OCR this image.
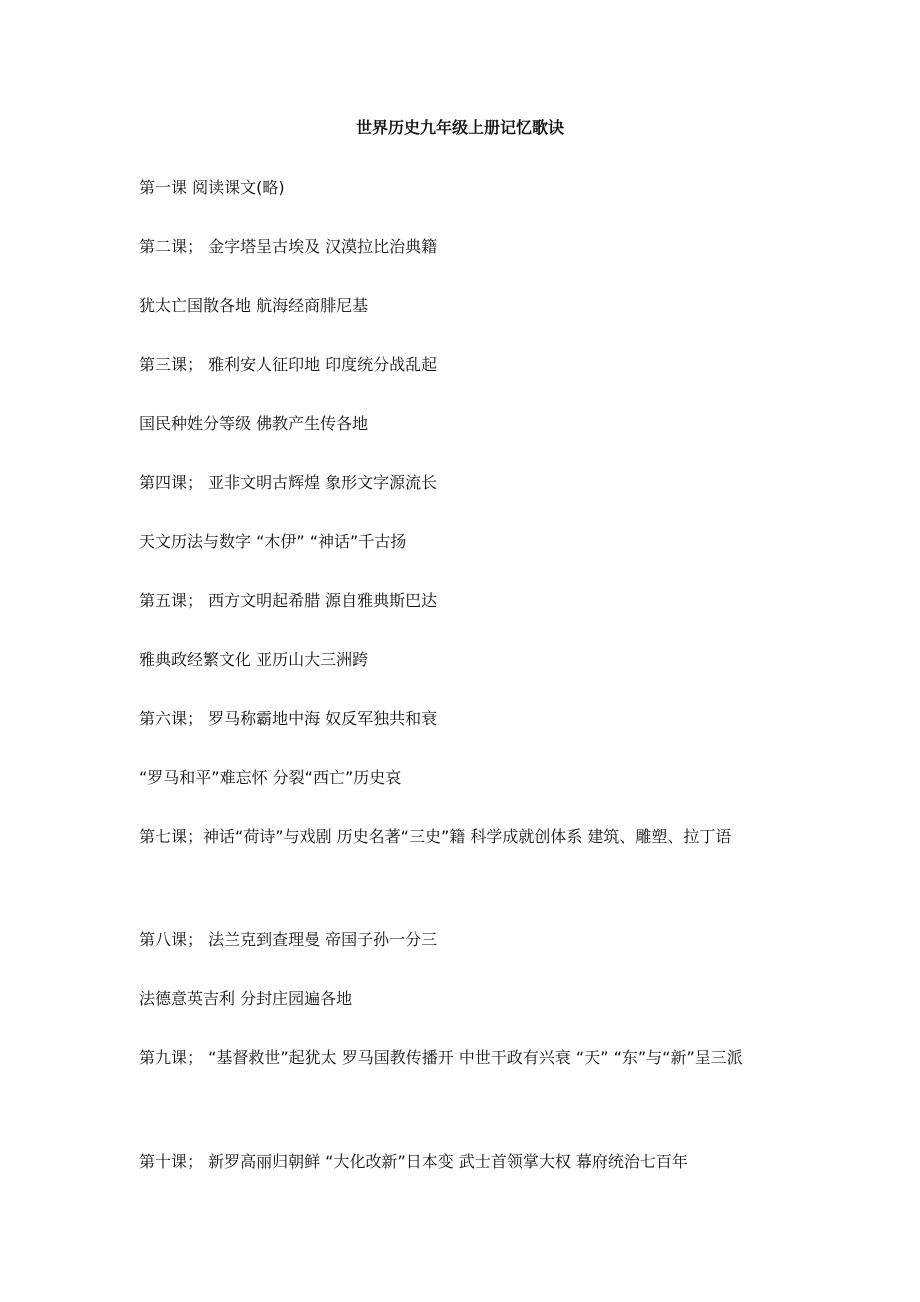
世界历史九年级上册记忆歌诀

第一课 阅读课文(略)

第二课； 金字塔呈古埃及 汉漠拉比治典籍

犹太亡国散各地 航海经商腓尼基

第三课； 雅利安人征印地 印度统分战乱起

国民种姓分等级 佛教产生传各地

第四课； 亚非文明古辉煌 象形文字源流长

天文历法与数字 “木伊” “神话”千古扬

第五课； 西方文明起希腊 源自雅典斯巴达

雅典政经繁文化 亚历山大三洲跨

第六课； 罗马称霸地中海 奴反军独共和衰

“罗马和平”难忘怀 分裂“西亡”历史哀

第七课；神话“荷诗”与戏剧 历史名著“三史”籍 科学成就创体系 建筑、雕塑、拉丁语

第八课； 法兰克到查理曼 帝国子孙一分三

法德意英吉利 分封庄园遍各地

第九课； “基督救世”起犹太 罗马国教传播开 中世干政有兴衰 “天” “东”与“新”呈三派

第十课； 新罗高丽归朝鲜 “大化改新”日本变 武士首领掌大权 幕府统治七百年
